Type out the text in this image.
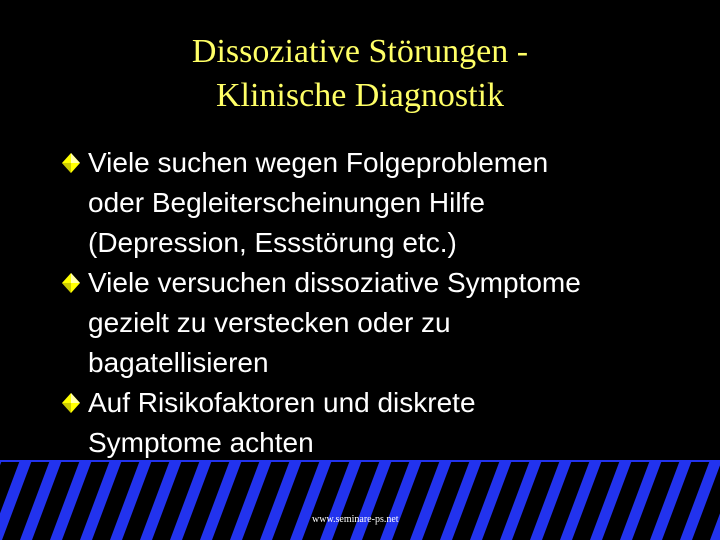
Dissoziative Störungen -
Klinische Diagnostik
Viele suchen wegen Folgeproblemen
oder Begleiterscheinungen Hilfe
(Depression, Essstörung etc.)
Viele versuchen dissoziative Symptome
gezielt zu verstecken oder zu
bagatellisieren
Auf Risikofaktoren und diskrete
Symptome achten
www.seminare-ps.net
